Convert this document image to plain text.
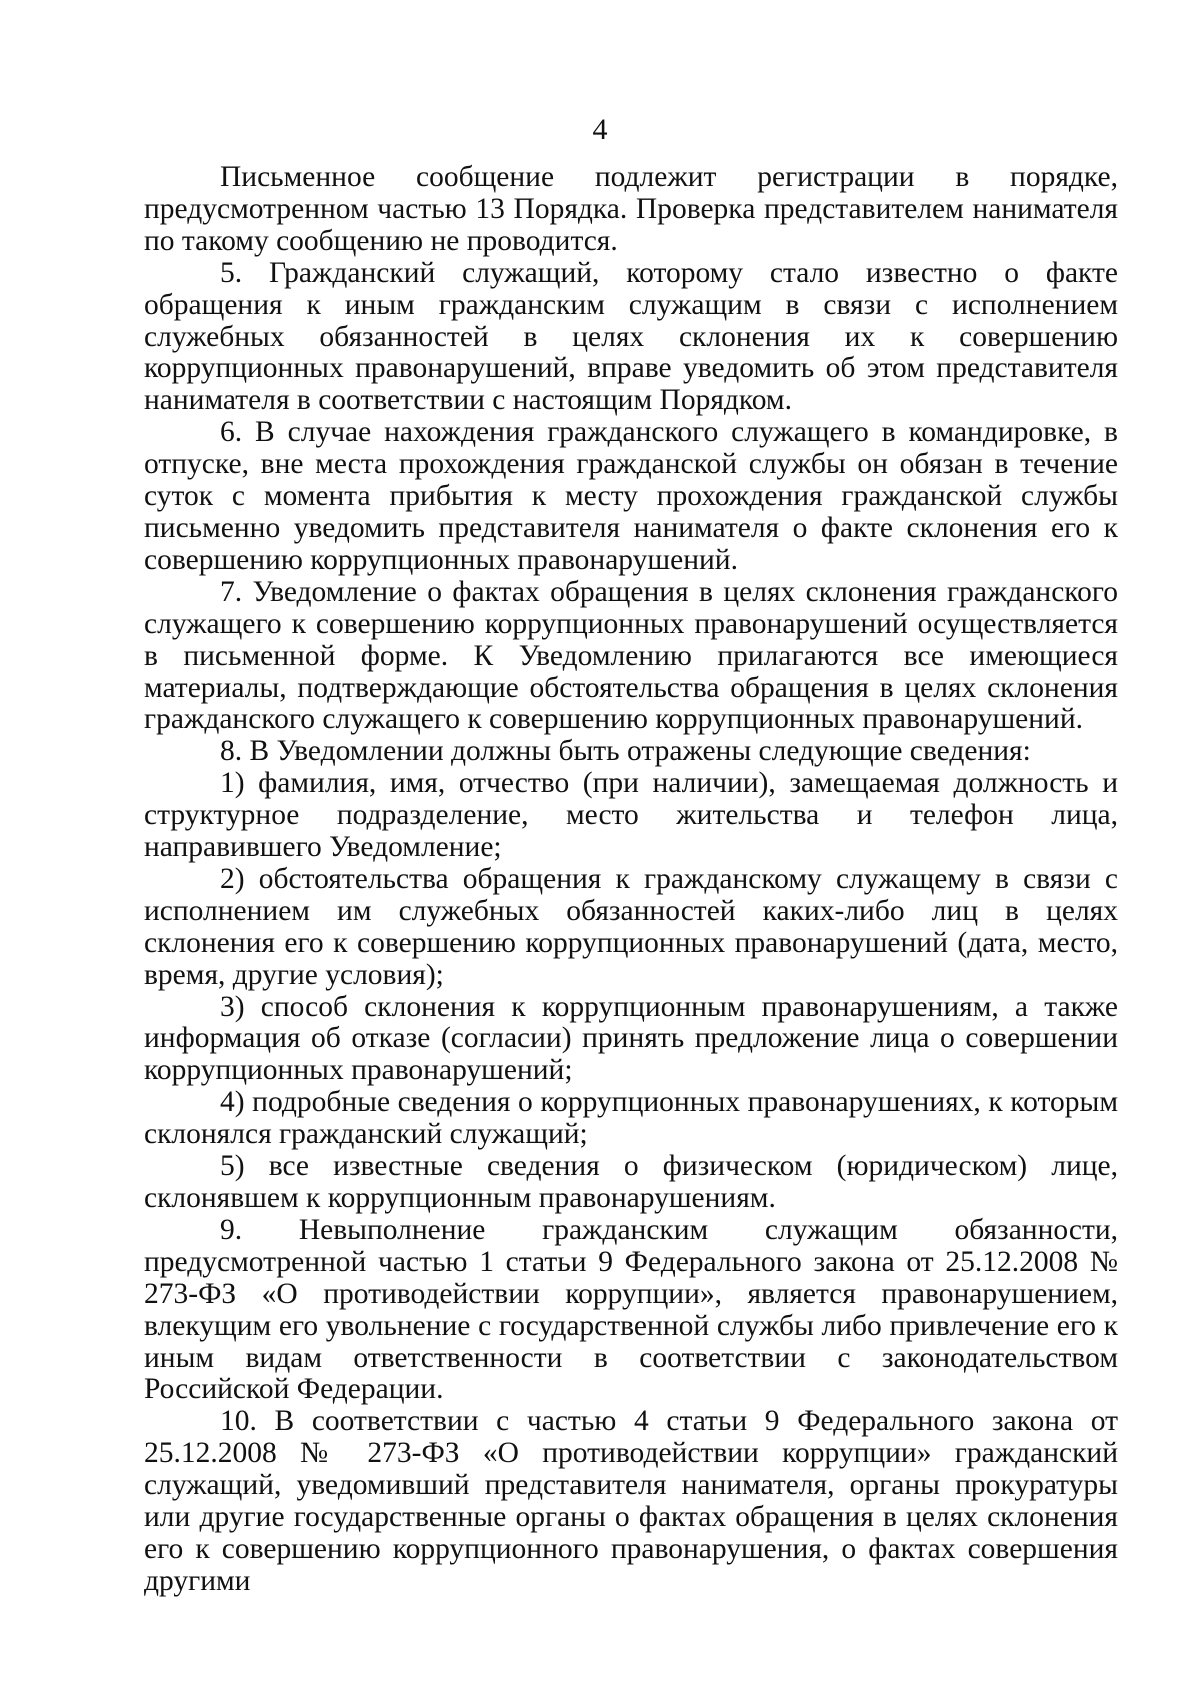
4

Письменное сообщение подлежит регистрации в порядке, предусмотренном частью 13 Порядка. Проверка представителем нанимателя по такому сообщению не проводится.

5. Гражданский служащий, которому стало известно о факте обращения к иным гражданским служащим в связи с исполнением служебных обязанностей в целях склонения их к совершению коррупционных правонарушений, вправе уведомить об этом представителя нанимателя в соответствии с настоящим Порядком.

6. В случае нахождения гражданского служащего в командировке, в отпуске, вне места прохождения гражданской службы он обязан в течение суток с момента прибытия к месту прохождения гражданской службы письменно уведомить представителя нанимателя о факте склонения его к совершению коррупционных правонарушений.

7. Уведомление о фактах обращения в целях склонения гражданского служащего к совершению коррупционных правонарушений осуществляется в письменной форме. К Уведомлению прилагаются все имеющиеся материалы, подтверждающие обстоятельства обращения в целях склонения гражданского служащего к совершению коррупционных правонарушений.

8. В Уведомлении должны быть отражены следующие сведения:

1) фамилия, имя, отчество (при наличии), замещаемая должность и структурное подразделение, место жительства и телефон лица, направившего Уведомление;

2) обстоятельства обращения к гражданскому служащему в связи с исполнением им служебных обязанностей каких-либо лиц в целях склонения его к совершению коррупционных правонарушений (дата, место, время, другие условия);

3) способ склонения к коррупционным правонарушениям, а также информация об отказе (согласии) принять предложение лица о совершении коррупционных правонарушений;

4) подробные сведения о коррупционных правонарушениях, к которым склонялся гражданский служащий;

5) все известные сведения о физическом (юридическом) лице, склонявшем к коррупционным правонарушениям.

9. Невыполнение гражданским служащим обязанности, предусмотренной частью 1 статьи 9 Федерального закона от 25.12.2008 № 273-ФЗ «О противодействии коррупции», является правонарушением, влекущим его увольнение с государственной службы либо привлечение его к иным видам ответственности в соответствии с законодательством Российской Федерации.

10. В соответствии с частью 4 статьи 9 Федерального закона от 25.12.2008 № 273-ФЗ «О противодействии коррупции» гражданский служащий, уведомивший представителя нанимателя, органы прокуратуры или другие государственные органы о фактах обращения в целях склонения его к совершению коррупционного правонарушения, о фактах совершения другими
